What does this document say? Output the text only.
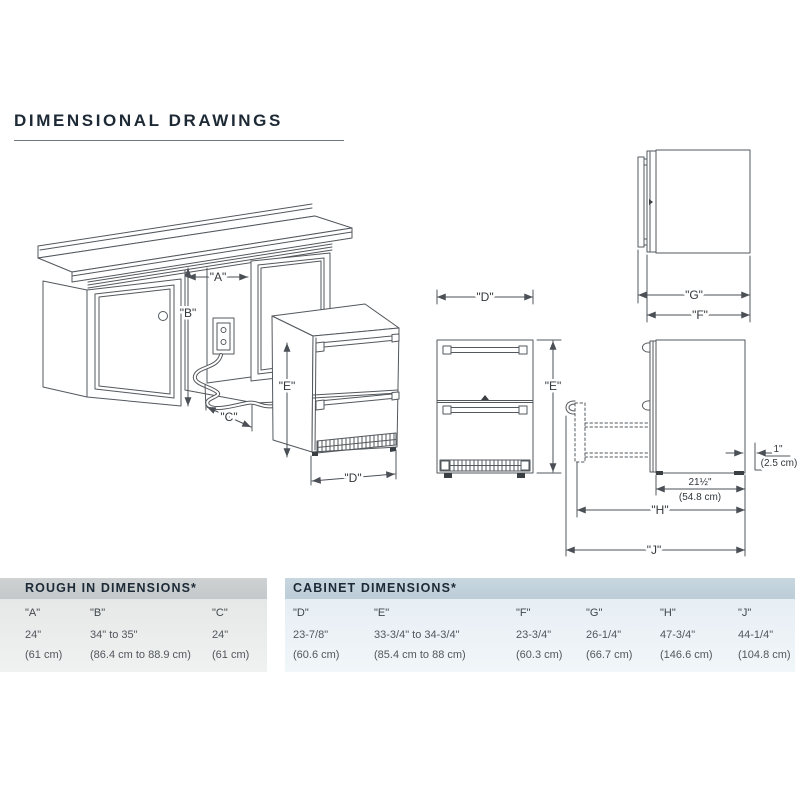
DIMENSIONAL DRAWINGS
"A"
"B"
"C"
"E"
"D"
"D"
"E"
"G"
"F"
1"
(2.5 cm)
21½"
(54.8 cm)
"H"
"J"
ROUGH IN DIMENSIONS*
"A"
24"
(61 cm)
"B"
34" to 35"
(86.4 cm to 88.9 cm)
"C"
24"
(61 cm)
CABINET DIMENSIONS*
"D"
23-7/8"
(60.6 cm)
"E"
33-3/4" to 34-3/4"
(85.4 cm to 88 cm)
"F"
23-3/4"
(60.3 cm)
"G"
26-1/4"
(66.7 cm)
"H"
47-3/4"
(146.6 cm)
"J"
44-1/4"
(104.8 cm)
